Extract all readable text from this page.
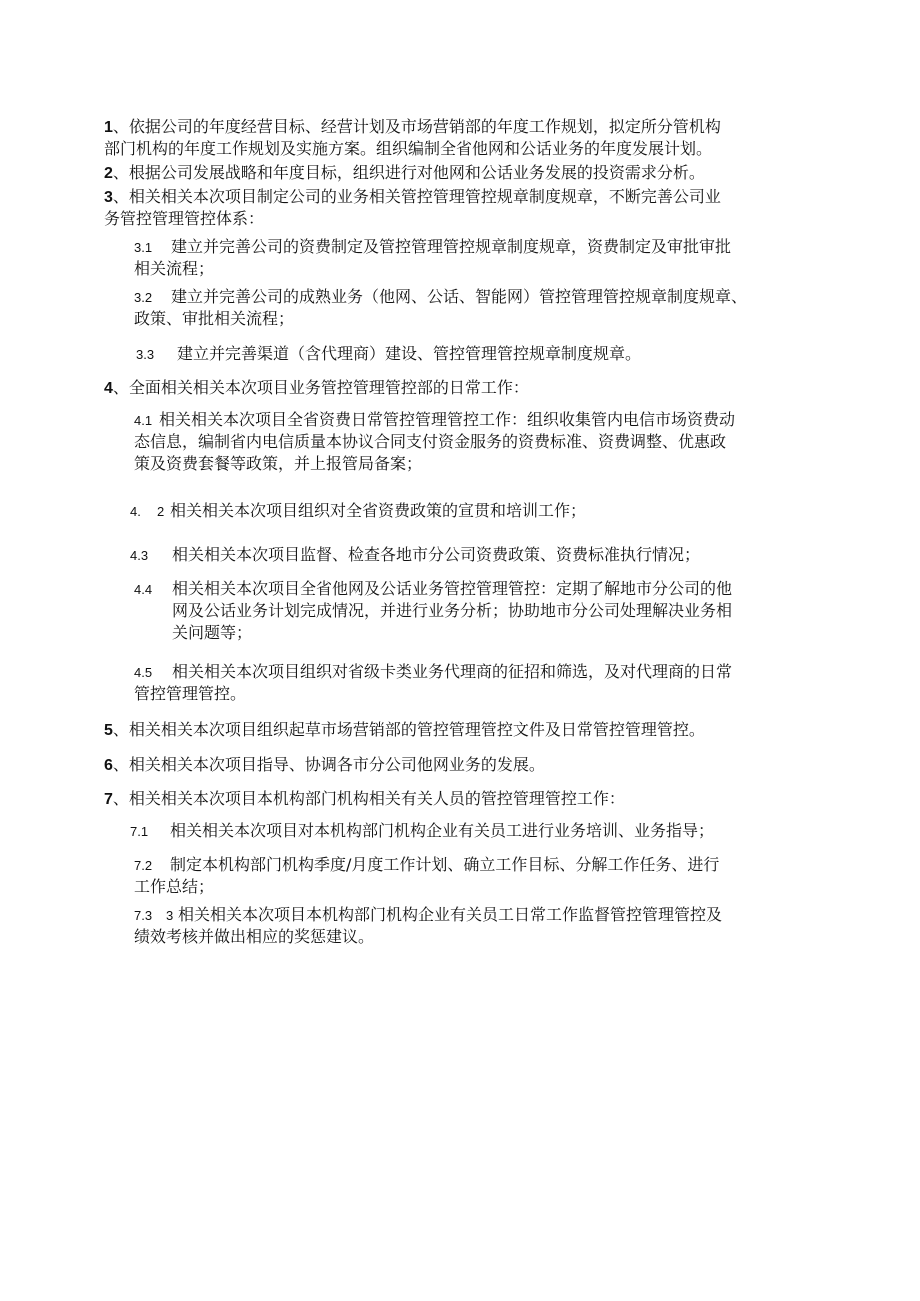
1、依据公司的年度经营目标、经营计划及市场营销部的年度工作规划，拟定所分管机构
部门机构的年度工作规划及实施方案。组织编制全省他网和公话业务的年度发展计划。
2、根据公司发展战略和年度目标，组织进行对他网和公话业务发展的投资需求分析。
3、相关相关本次项目制定公司的业务相关管控管理管控规章制度规章，不断完善公司业
务管控管理管控体系：
3.1 建立并完善公司的资费制定及管控管理管控规章制度规章，资费制定及审批审批
相关流程；
3.2 建立并完善公司的成熟业务（他网、公话、智能网）管控管理管控规章制度规章、
政策、审批相关流程；
3.3 建立并完善渠道（含代理商）建设、管控管理管控规章制度规章。
4、全面相关相关本次项目业务管控管理管控部的日常工作：
4.1 相关相关本次项目全省资费日常管控管理管控工作：组织收集管内电信市场资费动
态信息，编制省内电信质量本协议合同支付资金服务的资费标准、资费调整、优惠政
策及资费套餐等政策，并上报管局备案；
4. 2 相关相关本次项目组织对全省资费政策的宣贯和培训工作；
4.3 相关相关本次项目监督、检查各地市分公司资费政策、资费标准执行情况；
4.4 相关相关本次项目全省他网及公话业务管控管理管控：定期了解地市分公司的他
网及公话业务计划完成情况，并进行业务分析；协助地市分公司处理解决业务相
关问题等；
4.5 相关相关本次项目组织对省级卡类业务代理商的征招和筛选，及对代理商的日常
管控管理管控。
5、相关相关本次项目组织起草市场营销部的管控管理管控文件及日常管控管理管控。
6、相关相关本次项目指导、协调各市分公司他网业务的发展。
7、相关相关本次项目本机构部门机构相关有关人员的管控管理管控工作：
7.1 相关相关本次项目对本机构部门机构企业有关员工进行业务培训、业务指导；
7.2 制定本机构部门机构季度/月度工作计划、确立工作目标、分解工作任务、进行
工作总结；
7.3 3 相关相关本次项目本机构部门机构企业有关员工日常工作监督管控管理管控及
绩效考核并做出相应的奖惩建议。
